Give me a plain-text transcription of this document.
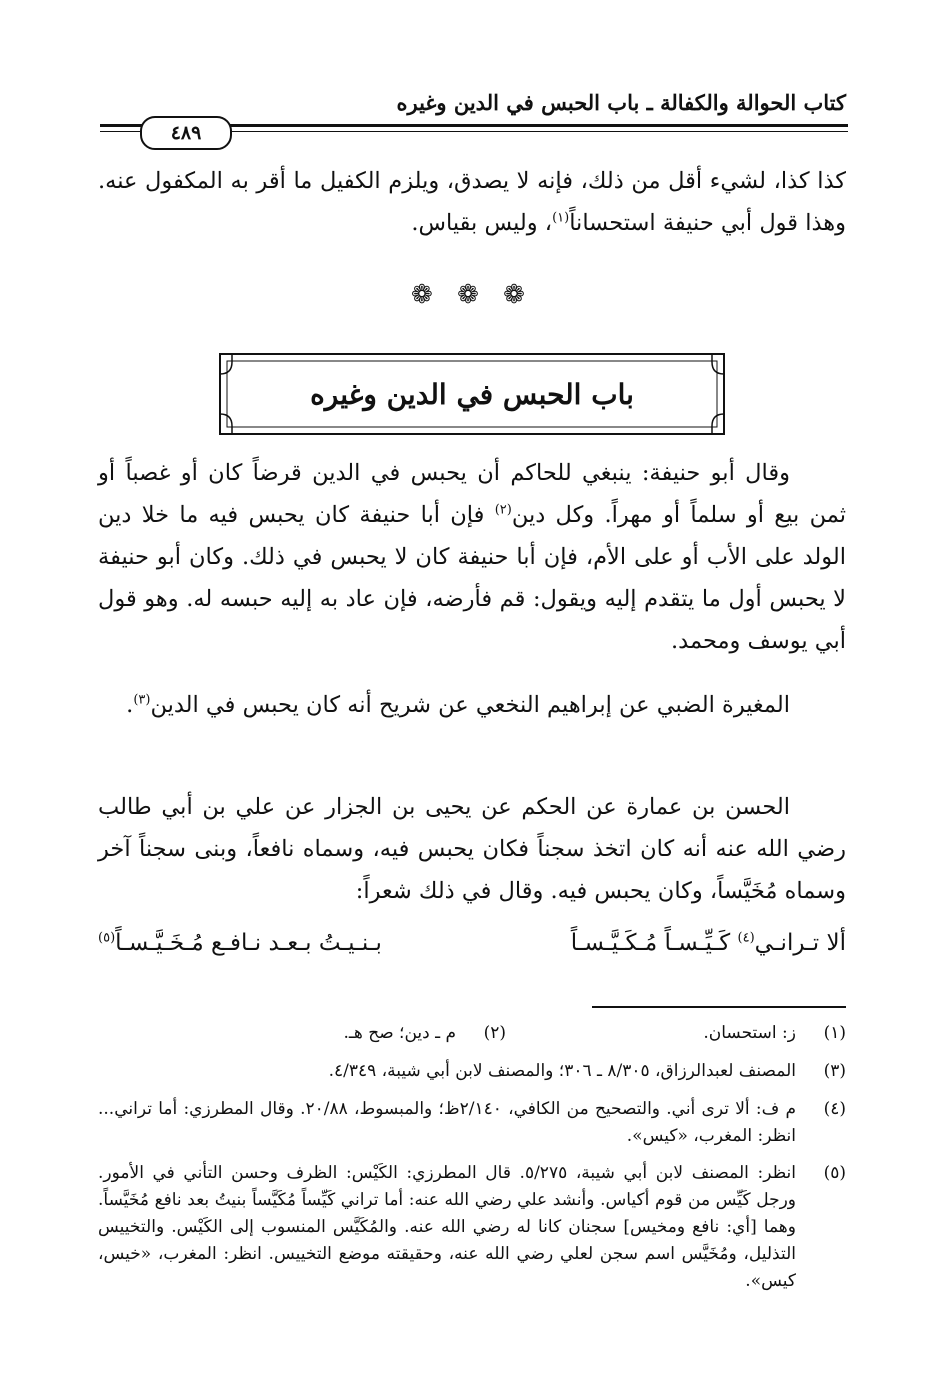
كتاب الحوالة والكفالة ـ باب الحبس في الدين وغيره
٤٨٩
كذا كذا، لشيء أقل من ذلك، فإنه لا يصدق، ويلزم الكفيل ما أقر به المكفول عنه. وهذا قول أبي حنيفة استحساناً$^{(١)}$، وليس بقياس.
❁ ❁ ❁
باب الحبس في الدين وغيره
وقال أبو حنيفة: ينبغي للحاكم أن يحبس في الدين قرضاً كان أو غصباً أو ثمن بيع أو سلماً أو مهراً. وكل دين$^{(٢)}$ فإن أبا حنيفة كان يحبس فيه ما خلا دين الولد على الأب أو على الأم، فإن أبا حنيفة كان لا يحبس في ذلك. وكان أبو حنيفة لا يحبس أول ما يتقدم إليه ويقول: قم فأرضه، فإن عاد به إليه حبسه له. وهو قول أبي يوسف ومحمد.
المغيرة الضبي عن إبراهيم النخعي عن شريح أنه كان يحبس في الدين$^{(٣)}$.
الحسن بن عمارة عن الحكم عن يحيى بن الجزار عن علي بن أبي طالب رضي الله عنه أنه كان اتخذ سجناً فكان يحبس فيه، وسماه نافعاً، وبنى سجناً آخر وسماه مُخَيَّساً، وكان يحبس فيه. وقال في ذلك شعراً:
ألا تـرانـي$^{(٤)}$ كَـيِّـسـاً مُـكَـيَّـسـاً
بـنـيـتُ بـعـد نـافـع مُـخَـيَّـسـاً$^{(٥)}$
(١)
ز: استحسان.
(٢)
م ـ دين؛ صح هـ.
(٣)
المصنف لعبدالرزاق، ٨/٣٠٥ ـ ٣٠٦؛ والمصنف لابن أبي شيبة، ٤/٣٤٩.
(٤)
م ف: ألا ترى أني. والتصحيح من الكافي، ٢/١٤٠ظ؛ والمبسوط، ٢٠/٨٨. وقال المطرزي: أما تراني... انظر: المغرب، «كيس».
(٥)
انظر: المصنف لابن أبي شيبة، ٥/٢٧٥. قال المطرزي: الكَيْس: الظرف وحسن التأني في الأمور. ورجل كَيِّس من قوم أكياس. وأنشد علي رضي الله عنه: أما تراني كَيِّساً مُكَيَّساً بنيتُ بعد نافع مُخَيَّساً. وهما [أي: نافع ومخيس] سجنان كانا له رضي الله عنه. والمُكَيَّس المنسوب إلى الكَيْس. والتخييس التذليل، ومُخَيَّس اسم سجن لعلي رضي الله عنه، وحقيقته موضع التخييس. انظر: المغرب، «خيس، كيس».
